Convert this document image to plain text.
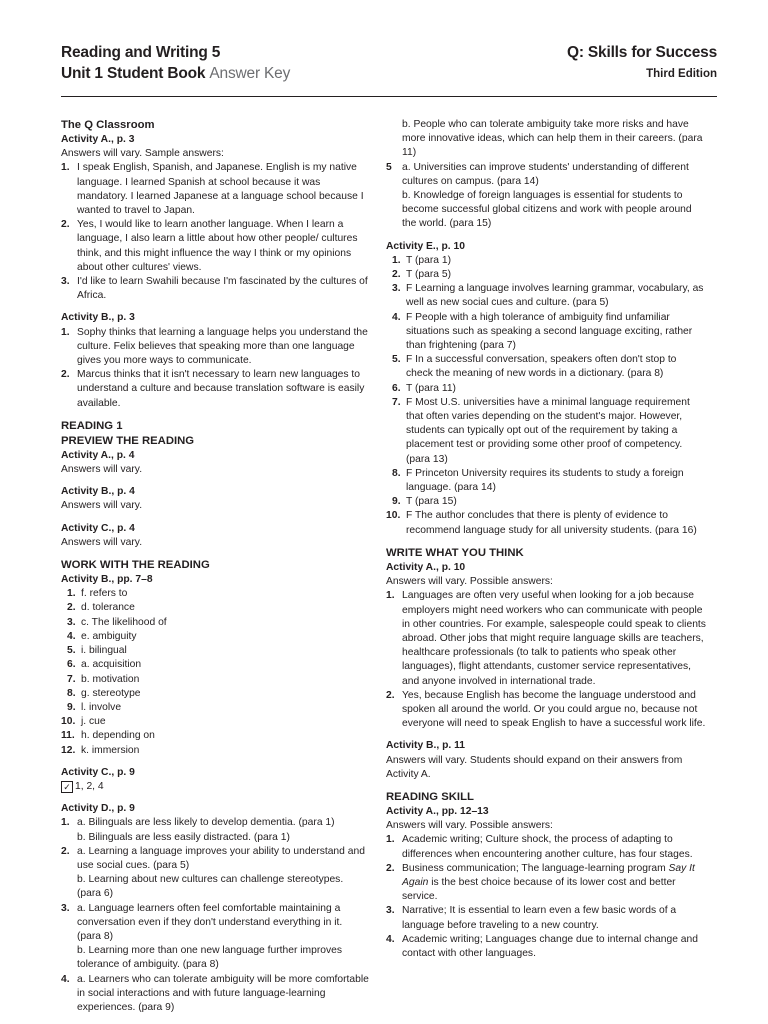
Reading and Writing 5
Unit 1 Student Book Answer Key
Q: Skills for Success
Third Edition
The Q Classroom
Activity A., p. 3
Answers will vary. Sample answers:
1. I speak English, Spanish, and Japanese. English is my native language. I learned Spanish at school because it was mandatory. I learned Japanese at a language school because I wanted to travel to Japan.
2. Yes, I would like to learn another language. When I learn a language, I also learn a little about how other people/ cultures think, and this might influence the way I think or my opinions about other cultures' views.
3. I'd like to learn Swahili because I'm fascinated by the cultures of Africa.
Activity B., p. 3
1. Sophy thinks that learning a language helps you understand the culture. Felix believes that speaking more than one language gives you more ways to communicate.
2. Marcus thinks that it isn't necessary to learn new languages to understand a culture and because translation software is easily available.
READING 1
PREVIEW THE READING
Activity A., p. 4
Answers will vary.
Activity B., p. 4
Answers will vary.
Activity C., p. 4
Answers will vary.
WORK WITH THE READING
Activity B., pp. 7–8
1. f. refers to
2. d. tolerance
3. c. The likelihood of
4. e. ambiguity
5. i. bilingual
6. a. acquisition
7. b. motivation
8. g. stereotype
9. l. involve
10. j. cue
11. h. depending on
12. k. immersion
Activity C., p. 9
✓ 1, 2, 4
Activity D., p. 9
1. a. Bilinguals are less likely to develop dementia. (para 1)
b. Bilinguals are less easily distracted. (para 1)
2. a. Learning a language improves your ability to understand and use social cues. (para 5)
b. Learning about new cultures can challenge stereotypes. (para 6)
3. a. Language learners often feel comfortable maintaining a conversation even if they don't understand everything in it. (para 8)
b. Learning more than one new language further improves tolerance of ambiguity. (para 8)
4. a. Learners who can tolerate ambiguity will be more comfortable in social interactions and with future language-learning experiences. (para 9)
b. People who can tolerate ambiguity take more risks and have more innovative ideas, which can help them in their careers. (para 11)
5 a. Universities can improve students' understanding of different cultures on campus. (para 14)
b. Knowledge of foreign languages is essential for students to become successful global citizens and work with people around the world. (para 15)
Activity E., p. 10
1. T (para 1)
2. T (para 5)
3. F Learning a language involves learning grammar, vocabulary, as well as new social cues and culture. (para 5)
4. F People with a high tolerance of ambiguity find unfamiliar situations such as speaking a second language exciting, rather than frightening (para 7)
5. F In a successful conversation, speakers often don't stop to check the meaning of new words in a dictionary. (para 8)
6. T (para 11)
7. F Most U.S. universities have a minimal language requirement that often varies depending on the student's major. However, students can typically opt out of the requirement by taking a placement test or providing some other proof of competency. (para 13)
8. F Princeton University requires its students to study a foreign language. (para 14)
9. T (para 15)
10. F The author concludes that there is plenty of evidence to recommend language study for all university students. (para 16)
WRITE WHAT YOU THINK
Activity A., p. 10
Answers will vary. Possible answers:
1. Languages are often very useful when looking for a job because employers might need workers who can communicate with people in other countries. For example, salespeople could speak to clients abroad. Other jobs that might require language skills are teachers, healthcare professionals (to talk to patients who speak other languages), flight attendants, customer service representatives, and anyone involved in international trade.
2. Yes, because English has become the language understood and spoken all around the world. Or you could argue no, because not everyone will need to speak English to have a successful work life.
Activity B., p. 11
Answers will vary. Students should expand on their answers from Activity A.
READING SKILL
Activity A., pp. 12–13
Answers will vary. Possible answers:
1. Academic writing; Culture shock, the process of adapting to differences when encountering another culture, has four stages.
2. Business communication; The language-learning program Say It Again is the best choice because of its lower cost and better service.
3. Narrative; It is essential to learn even a few basic words of a language before traveling to a new country.
4. Academic writing; Languages change due to internal change and contact with other languages.
